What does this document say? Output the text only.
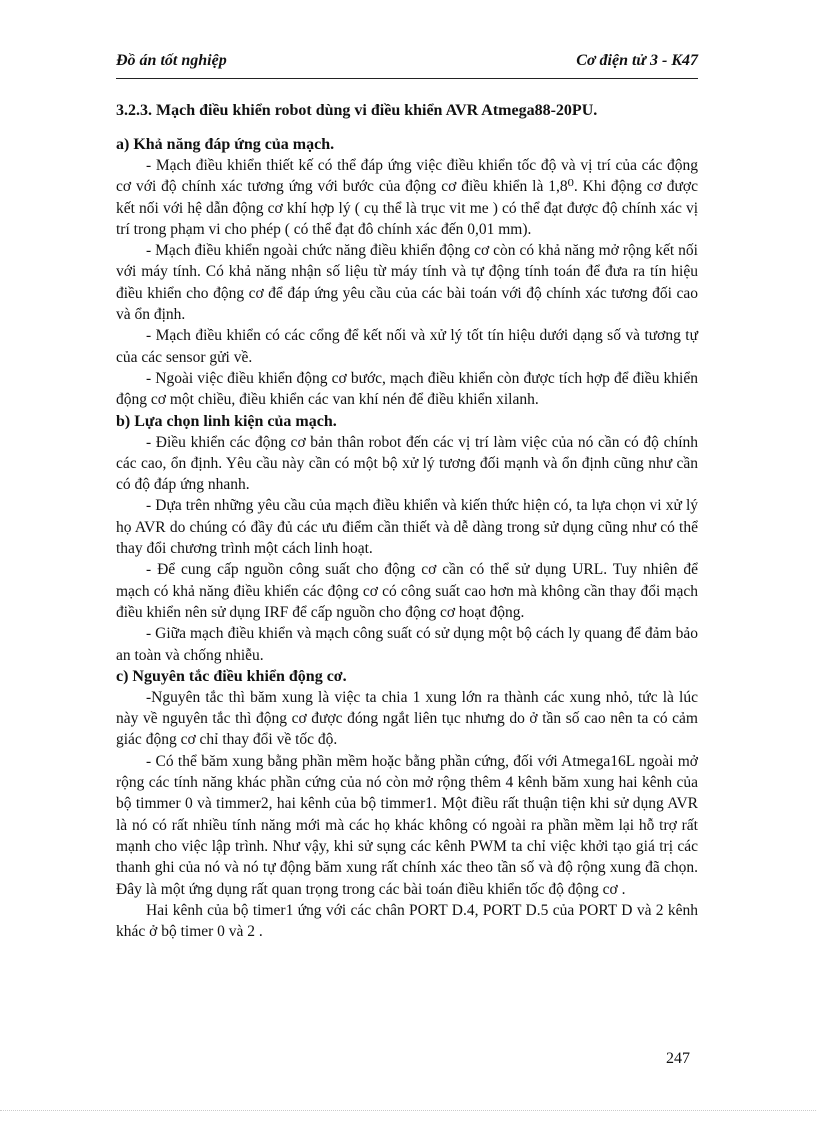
Đồ án tốt nghiệp	Cơ điện tử 3 - K47

3.2.3. Mạch điều khiển robot dùng vi điều khiển AVR Atmega88-20PU.

a) Khả năng đáp ứng của mạch.

- Mạch điều khiển thiết kế có thể đáp ứng việc điều khiển tốc độ và vị trí của các động cơ với độ chính xác tương ứng với bước của động cơ điều khiển là 1,8⁰. Khi động cơ được kết nối với hệ dẫn động cơ khí hợp lý ( cụ thể là trục vit me ) có thể đạt được độ chính xác vị trí trong phạm vi cho phép ( có thể đạt đô chính xác đến 0,01 mm).

- Mạch điều khiển ngoài chức năng điều khiển động cơ còn có khả năng mở rộng kết nối với máy tính. Có khả năng nhận số liệu từ máy tính và tự động tính toán để đưa ra tín hiệu điều khiển cho động cơ để đáp ứng yêu cầu của các bài toán với độ chính xác tương đối cao và ổn định.

- Mạch điều khiển có các cổng để kết nối và xử lý tốt tín hiệu dưới dạng số và tương tự của các sensor gửi về.

- Ngoài việc điều khiển động cơ bước, mạch điều khiển còn được tích hợp để điều khiển động cơ một chiều, điều khiển các van khí nén để điều khiển xilanh.

b) Lựa chọn linh kiện của mạch.

- Điều khiển các động cơ bản thân robot đến các vị trí làm việc của nó cần có độ chính các cao, ổn định. Yêu cầu này cần có một bộ xử lý tương đối mạnh và ổn định cũng như cần có độ đáp ứng nhanh.

- Dựa trên những yêu cầu của mạch điều khiển và kiến thức hiện có, ta lựa chọn vi xử lý họ AVR do chúng có đầy đủ các ưu điểm cần thiết và dễ dàng trong sử dụng cũng như có thể thay đổi chương trình một cách linh hoạt.

- Để cung cấp nguồn công suất cho động cơ cần có thể sử dụng URL. Tuy nhiên để mạch có khả năng điều khiển các động cơ có công suất cao hơn mà không cần thay đổi mạch điều khiển nên sử dụng IRF để cấp nguồn cho động cơ hoạt động.

- Giữa mạch điều khiển và mạch công suất có sử dụng một bộ cách ly quang để đảm bảo an toàn và chống nhiễu.

c) Nguyên tắc điều khiển động cơ.

-Nguyên tắc thì băm xung là việc ta chia 1 xung lớn ra thành các xung nhỏ, tức là lúc này về nguyên tắc thì động cơ được đóng ngắt liên tục nhưng do ở tần số cao nên ta có cảm giác động cơ chỉ thay đổi về tốc độ.

- Có thể băm xung bằng phần mềm hoặc bằng phần cứng, đối với Atmega16L ngoài mở rộng các tính năng khác phần cứng của nó còn mở rộng thêm 4 kênh băm xung hai kênh của bộ timmer 0 và timmer2, hai kênh của bộ timmer1. Một điều rất thuận tiện khi sử dụng AVR là nó có rất nhiều tính năng mới mà các họ khác không có ngoài ra phần mềm lại hỗ trợ rất mạnh cho việc lập trình. Như vậy, khi sử sụng các kênh PWM ta chỉ việc khởi tạo giá trị các thanh ghi của nó và nó tự động băm xung rất chính xác theo tần số và độ rộng xung đã chọn. Đây là một ứng dụng rất quan trọng trong các bài toán điều khiển tốc độ động cơ .

Hai kênh của bộ timer1 ứng với các chân PORT D.4, PORT D.5 của PORT D và 2 kênh khác ở bộ timer 0 và 2 .

247
